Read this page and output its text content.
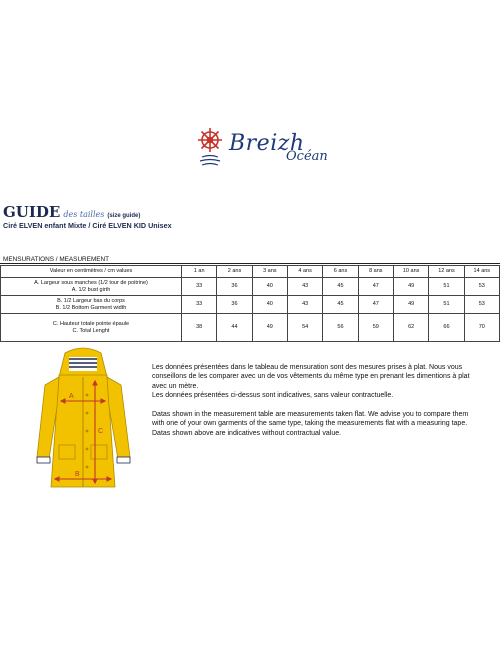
Breizh
Océan
GUIDE des tailles (size guide)
Ciré ELVEN enfant Mixte / Ciré ELVEN KID Unisex
MENSURATIONS / MEASUREMENT
Valeur en centimètres / cm values	1 an	2 ans	3 ans	4 ans	6 ans	8 ans	10 ans	12 ans	14 ans

A. Largeur sous manches (1/2 tour de poitrine)
A. 1/2 bust girth	33	36	40	43	45	47	49	51	53

B. 1/2 Largeur bas du corps
B. 1/2 Bottom Garment width	33	36	40	43	45	47	49	51	53

C. Hauteur totale pointe épaule
C. Total Lenght	38	44	49	54	56	59	62	66	70
A
B
C

Les données présentées dans le tableau de mensuration sont des mesures prises à plat. Nous vous conseillons de les comparer avec un de vos vêtements du même type en prenant les dimentions à plat avec un mètre.

Les données présentées ci-dessus sont indicatives, sans valeur contractuelle.

Datas shown in the measurement table are measurements taken flat. We advise you to compare them with one of your own garments of the same type, taking the measurements flat with a measuring tape.

Datas shown above are indicatives without contractual value.
